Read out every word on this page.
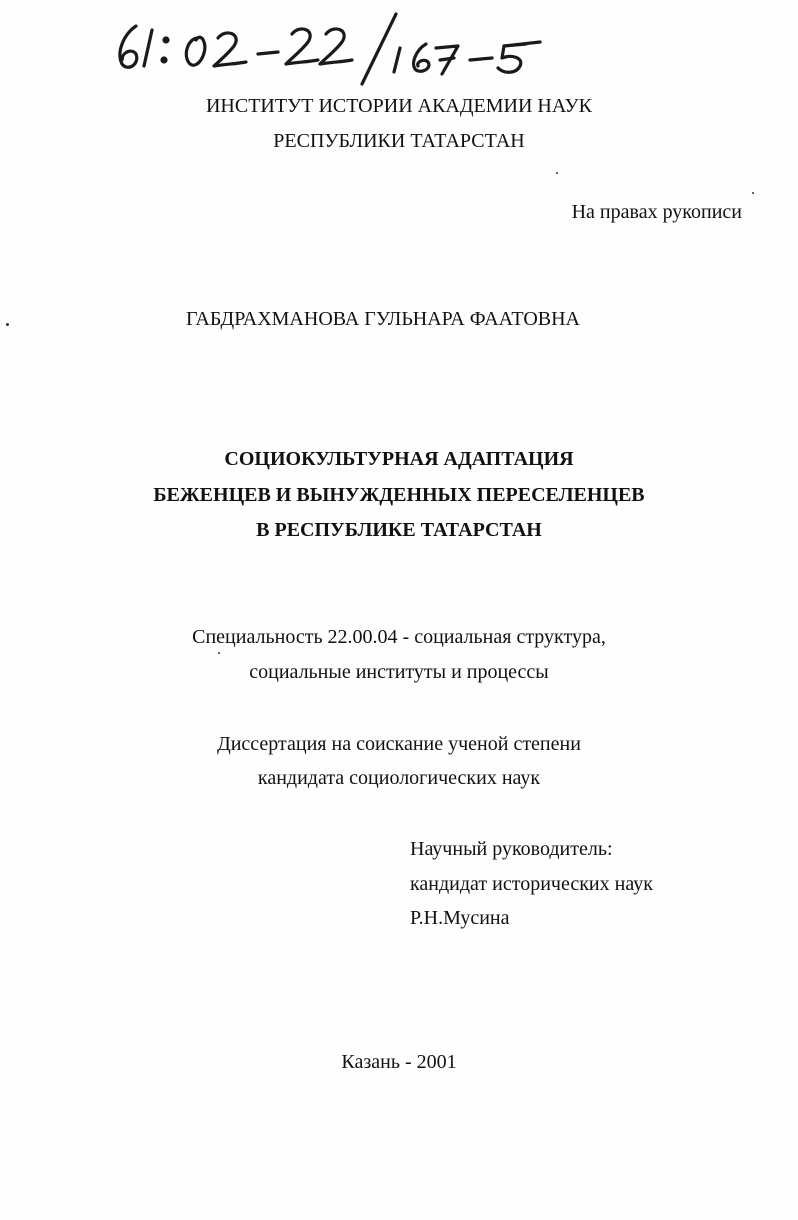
ИНСТИТУТ ИСТОРИИ АКАДЕМИИ НАУК
РЕСПУБЛИКИ ТАТАРСТАН
На правах рукописи
ГАБДРАХМАНОВА ГУЛЬНАРА ФААТОВНА
СОЦИОКУЛЬТУРНАЯ АДАПТАЦИЯ
БЕЖЕНЦЕВ И ВЫНУЖДЕННЫХ ПЕРЕСЕЛЕНЦЕВ
В РЕСПУБЛИКЕ ТАТАРСТАН
Специальность 22.00.04 - социальная структура,
социальные институты и процессы
Диссертация на соискание ученой степени
кандидата социологических наук
Научный руководитель:
кандидат исторических наук
Р.Н.Мусина
Казань - 2001
